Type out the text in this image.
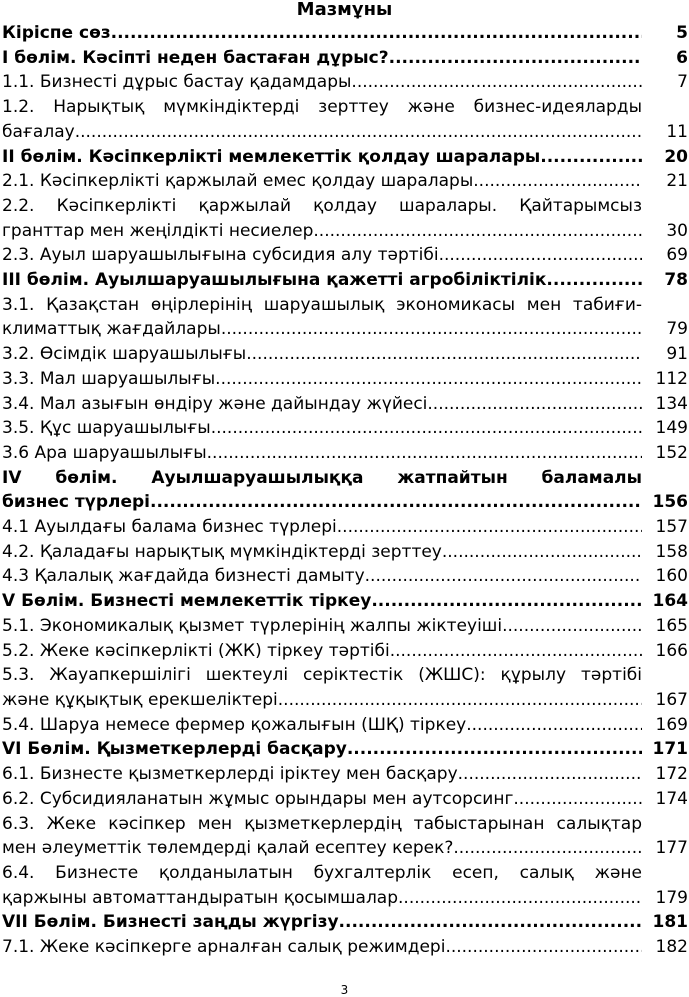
Мазмұны
Кіріспе сөз .....	5
I бөлім. Кәсіпті неден бастаған дұрыс? .....	6
1.1. Бизнесті дұрыс бастау қадамдары .....	7
1.2. Нарықтық мүмкіндіктерді зерттеу және бизнес-идеяларды
бағалау .....	11
II бөлім. Кәсіпкерлікті мемлекеттік қолдау шаралары .....	20
2.1. Кәсіпкерлікті қаржылай емес қолдау шаралары .....	21
2.2. Кәсіпкерлікті қаржылай қолдау шаралары. Қайтарымсыз
гранттар мен жеңілдікті несиелер .....	30
2.3. Ауыл шаруашылығына субсидия алу тәртібі .....	69
III бөлім. Ауылшаруашылығына қажетті агробіліктілік .....	78
3.1. Қазақстан өңірлерінің шаруашылық экономикасы мен табиғи-
климаттық жағдайлары .....	79
3.2. Өсімдік шаруашылығы .....	91
3.3. Мал шаруашылығы .....	112
3.4. Мал азығын өндіру және дайындау жүйесі .....	134
3.5. Құс шаруашылығы .....	149
3.6 Ара шаруашылығы .....	152
IV бөлім. Ауылшаруашылыққа жатпайтын баламалы
бизнес түрлері .....	156
4.1 Ауылдағы балама бизнес түрлері .....	157
4.2. Қаладағы нарықтық мүмкіндіктерді зерттеу .....	158
4.3 Қалалық жағдайда бизнесті дамыту .....	160
V Бөлім. Бизнесті мемлекеттік тіркеу .....	164
5.1. Экономикалық қызмет түрлерінің жалпы жіктеуіші .....	165
5.2. Жеке кәсіпкерлікті (ЖК) тіркеу тәртібі .....	166
5.3. Жауапкершілігі шектеулі серіктестік (ЖШС): құрылу тәртібі
және құқықтық ерекшеліктері .....	167
5.4. Шаруа немесе фермер қожалығын (ШҚ) тіркеу .....	169
VI Бөлім. Қызметкерлерді басқару .....	171
6.1. Бизнесте қызметкерлерді іріктеу мен басқару .....	172
6.2. Субсидияланатын жұмыс орындары мен аутсорсинг .....	174
6.3. Жеке кәсіпкер мен қызметкерлердің табыстарынан салықтар
мен әлеуметтік төлемдерді қалай есептеу керек? .....	177
6.4. Бизнесте қолданылатын бухгалтерлік есеп, салық және
қаржыны автоматтандыратын қосымшалар .....	179
VII Бөлім. Бизнесті заңды жүргізу .....	181
7.1. Жеке кәсіпкерге арналған салық режимдері .....	182
3
